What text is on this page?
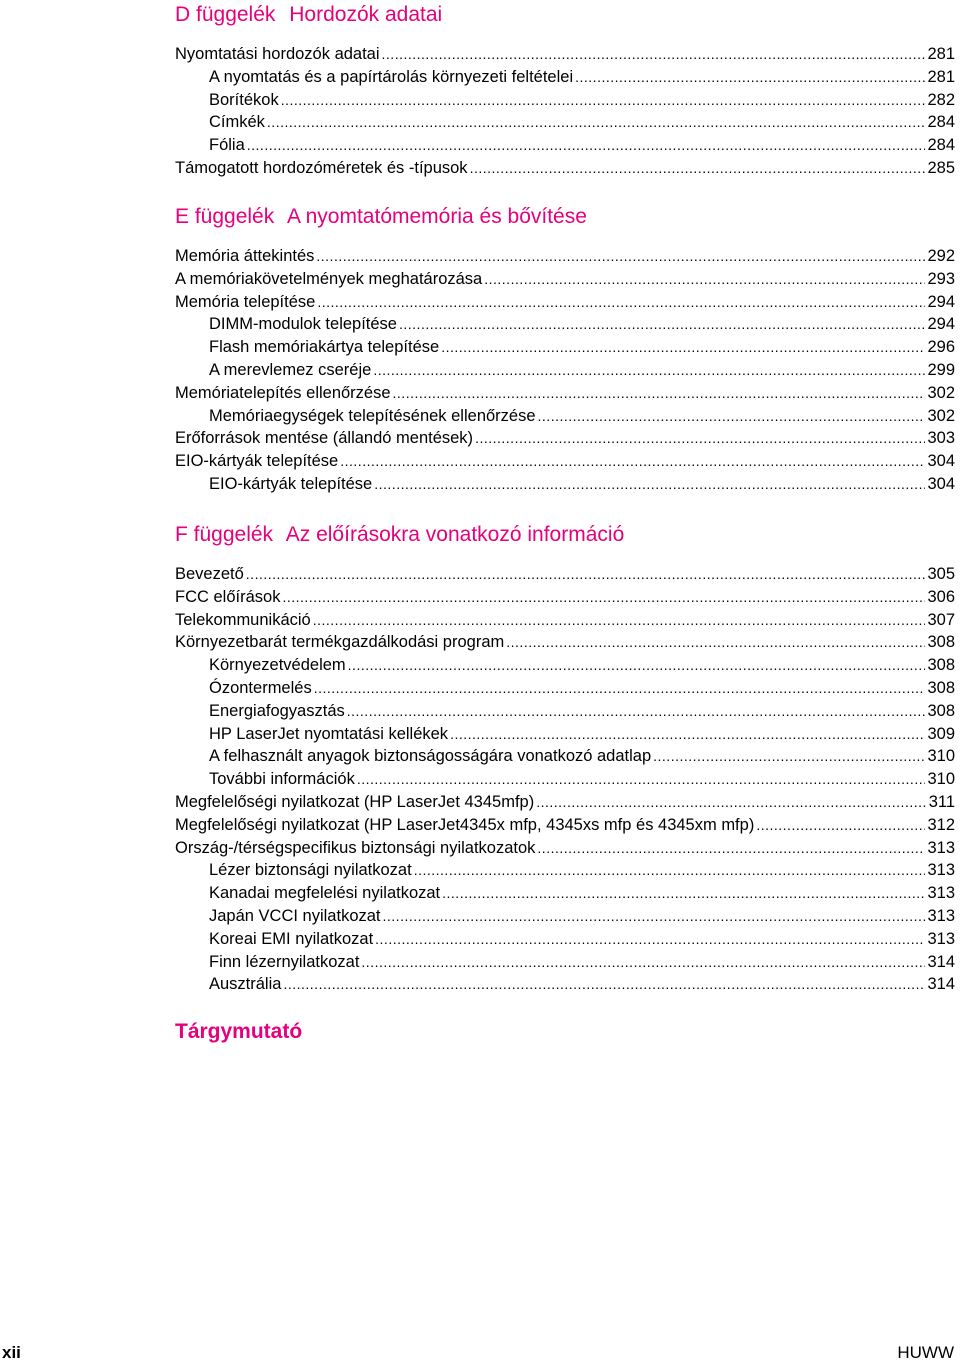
D függelék Hordozók adatai
Nyomtatási hordozók adatai .....	281
A nyomtatás és a papírtárolás környezeti feltételei .....	281
Borítékok .....	282
Címkék .....	284
Fólia .....	284
Támogatott hordozóméretek és -típusok .....	285
E függelék A nyomtatómemória és bővítése
Memória áttekintés .....	292
A memóriakövetelmények meghatározása .....	293
Memória telepítése .....	294
DIMM-modulok telepítése .....	294
Flash memóriakártya telepítése .....	296
A merevlemez cseréje .....	299
Memóriatelepítés ellenőrzése .....	302
Memóriaegységek telepítésének ellenőrzése .....	302
Erőforrások mentése (állandó mentések) .....	303
EIO-kártyák telepítése .....	304
EIO-kártyák telepítése .....	304
F függelék Az előírásokra vonatkozó információ
Bevezető .....	305
FCC előírások .....	306
Telekommunikáció .....	307
Környezetbarát termékgazdálkodási program .....	308
Környezetvédelem .....	308
Ózontermelés .....	308
Energiafogyasztás .....	308
HP LaserJet nyomtatási kellékek .....	309
A felhasznált anyagok biztonságosságára vonatkozó adatlap .....	310
További információk .....	310
Megfelelőségi nyilatkozat (HP LaserJet 4345mfp) .....	311
Megfelelőségi nyilatkozat (HP LaserJet4345x mfp, 4345xs mfp és 4345xm mfp) .....	312
Ország-/térségspecifikus biztonsági nyilatkozatok .....	313
Lézer biztonsági nyilatkozat .....	313
Kanadai megfelelési nyilatkozat .....	313
Japán VCCI nyilatkozat .....	313
Koreai EMI nyilatkozat .....	313
Finn lézernyilatkozat .....	314
Ausztrália .....	314
Tárgymutató
xii	HUWW
